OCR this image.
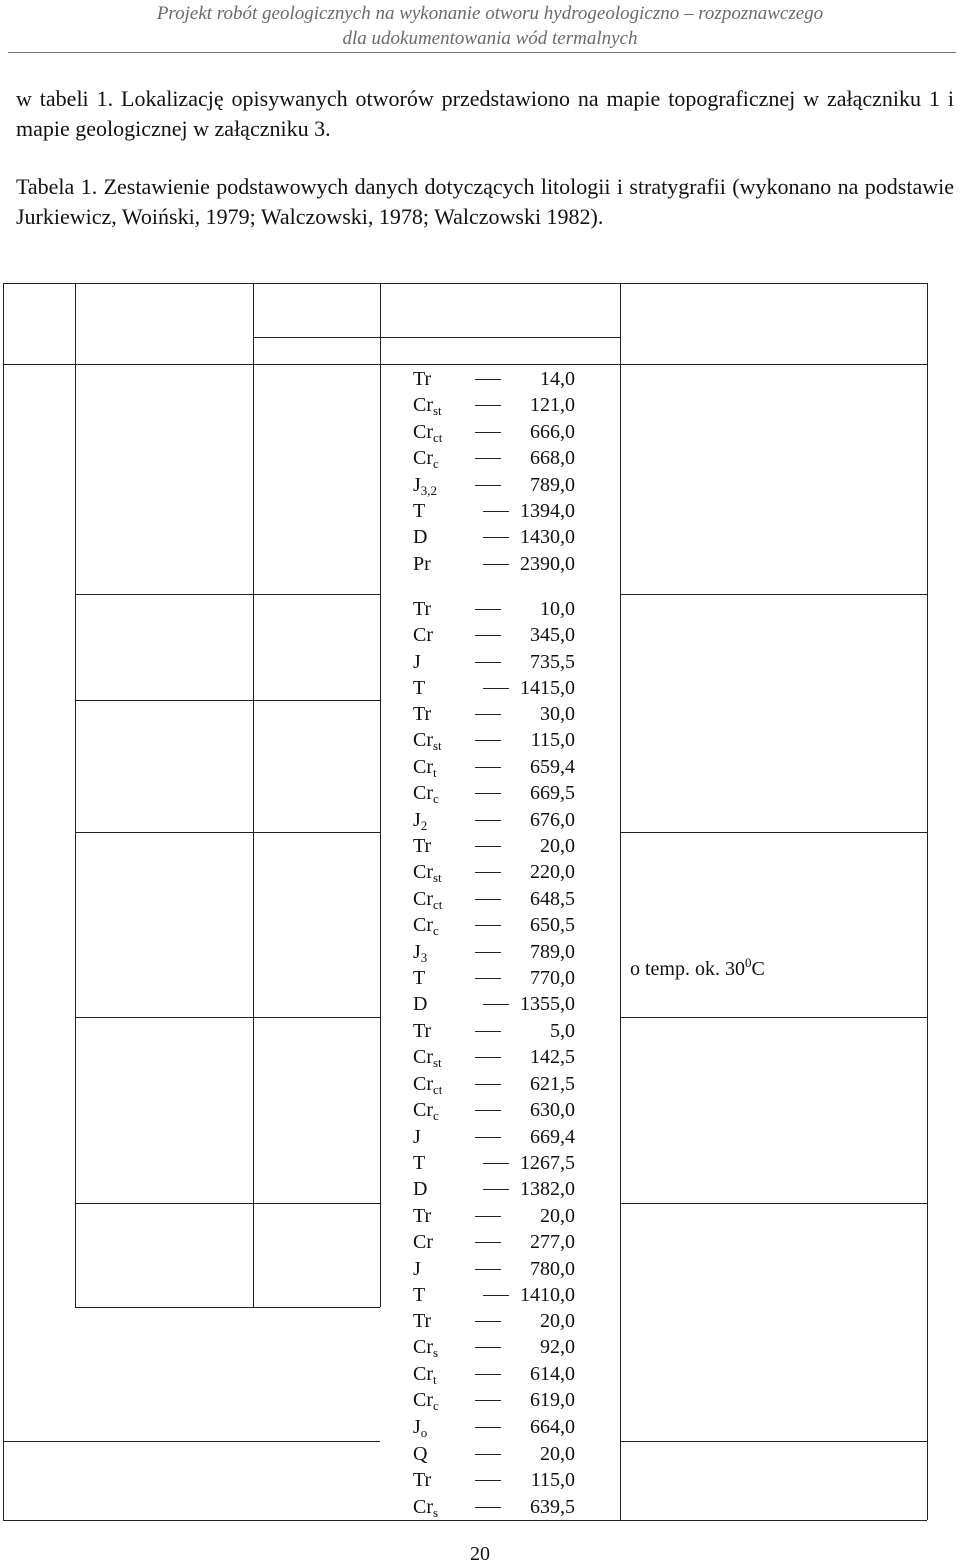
Projekt robót geologicznych na wykonanie otworu hydrogeologiczno – rozpoznawczego
dla udokumentowania wód termalnych
w tabeli 1. Lokalizację opisywanych otworów przedstawiono na mapie topograficznej w załączniku 1 i mapie geologicznej w załączniku 3.
Tabela 1. Zestawienie podstawowych danych dotyczących litologii i stratygrafii (wykonano na podstawie Jurkiewicz, Woiński, 1979; Walczowski, 1978; Walczowski 1982).
Tr	14,0
$Cr_{st}$	121,0
$Cr_{ct}$	666,0
$Cr_c$	668,0
$J_{3,2}$	789,0
T	1394,0
D	1430,0
Pr	2390,0
Tr	10,0
Cr	345,0
J	735,5
T	1415,0
Tr	30,0
$Cr_{st}$	115,0
$Cr_t$	659,4
$Cr_c$	669,5
$J_2$	676,0
Tr	20,0
$Cr_{st}$	220,0
$Cr_{ct}$	648,5
$Cr_c$	650,5
$J_3$	789,0
T	770,0
D	1355,0
Tr	5,0
$Cr_{st}$	142,5
$Cr_{ct}$	621,5
$Cr_c$	630,0
J	669,4
T	1267,5
D	1382,0
Tr	20,0
Cr	277,0
J	780,0
T	1410,0
Tr	20,0
$Cr_s$	92,0
$Cr_t$	614,0
$Cr_c$	619,0
$J_o$	664,0
Q	20,0
Tr	115,0
$Cr_s$	639,5
o temp. ok. $30^0C$
20
